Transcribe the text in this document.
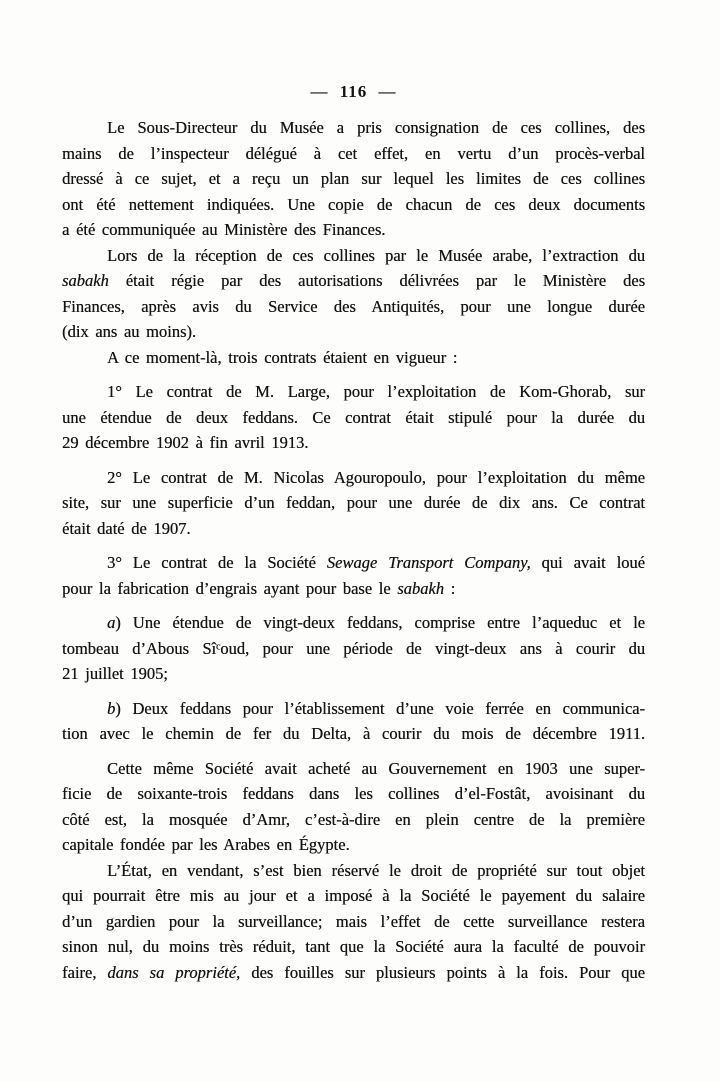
— 116 —
Le Sous-Directeur du Musée a pris consignation de ces collines, des
mains de l’inspecteur délégué à cet effet, en vertu d’un procès-verbal
dressé à ce sujet, et a reçu un plan sur lequel les limites de ces collines
ont été nettement indiquées. Une copie de chacun de ces deux documents
a été communiquée au Ministère des Finances.
Lors de la réception de ces collines par le Musée arabe, l’extraction du
sabakh était régie par des autorisations délivrées par le Ministère des
Finances, après avis du Service des Antiquités, pour une longue durée
(dix ans au moins).
A ce moment-là, trois contrats étaient en vigueur :
1° Le contrat de M. Large, pour l’exploitation de Kom-Ghorab, sur
une étendue de deux feddans. Ce contrat était stipulé pour la durée du
29 décembre 1902 à fin avril 1913.
2° Le contrat de M. Nicolas Agouropoulo, pour l’exploitation du même
site, sur une superficie d’un feddan, pour une durée de dix ans. Ce contrat
était daté de 1907.
3° Le contrat de la Société Sewage Transport Company, qui avait loué
pour la fabrication d’engrais ayant pour base le sabakh :
a) Une étendue de vingt-deux feddans, comprise entre l’aqueduc et le
tombeau d’Abous Sîᶜoud, pour une période de vingt-deux ans à courir du
21 juillet 1905;
b) Deux feddans pour l’établissement d’une voie ferrée en communica-
tion avec le chemin de fer du Delta, à courir du mois de décembre 1911.
Cette même Société avait acheté au Gouvernement en 1903 une super-
ficie de soixante-trois feddans dans les collines d’el-Fostât, avoisinant du
côté est, la mosquée d’Amr, c’est-à-dire en plein centre de la première
capitale fondée par les Arabes en Égypte.
L’État, en vendant, s’est bien réservé le droit de propriété sur tout objet
qui pourrait être mis au jour et a imposé à la Société le payement du salaire
d’un gardien pour la surveillance; mais l’effet de cette surveillance restera
sinon nul, du moins très réduit, tant que la Société aura la faculté de pouvoir
faire, dans sa propriété, des fouilles sur plusieurs points à la fois. Pour que
